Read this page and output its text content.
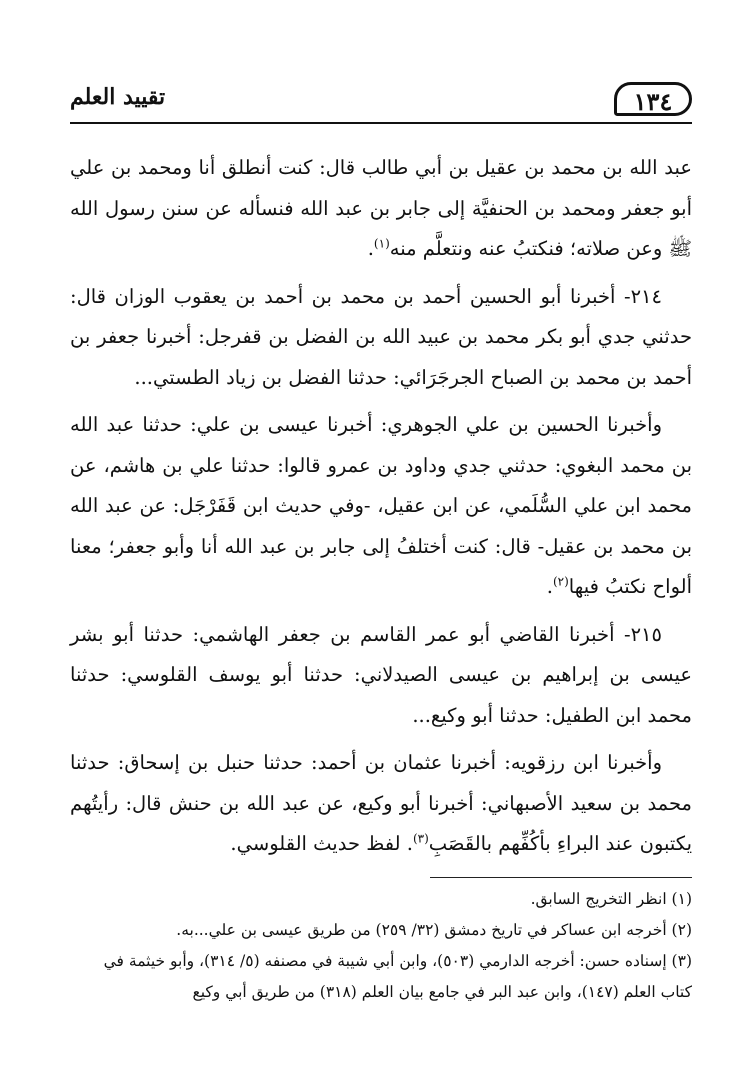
١٣٤
تقييد العلم

عبد الله بن محمد بن عقيل بن أبي طالب قال: كنت أنطلق أنا ومحمد بن علي أبو جعفر ومحمد بن الحنفيَّة إلى جابر بن عبد الله فنسأله عن سنن رسول الله ﷺ وعن صلاته؛ فنكتبُ عنه ونتعلَّم منه$^{(١)}$.

٢١٤- أخبرنا أبو الحسين أحمد بن محمد بن أحمد بن يعقوب الوزان قال: حدثني جدي أبو بكر محمد بن عبيد الله بن الفضل بن قفرجل: أخبرنا جعفر بن أحمد بن محمد بن الصباح الجرجَرَائي: حدثنا الفضل بن زياد الطستي...

وأخبرنا الحسين بن علي الجوهري: أخبرنا عيسى بن علي: حدثنا عبد الله بن محمد البغوي: حدثني جدي وداود بن عمرو قالوا: حدثنا علي بن هاشم، عن محمد ابن علي السُّلَمي، عن ابن عقيل، -وفي حديث ابن قَفَرْجَل: عن عبد الله بن محمد بن عقيل- قال: كنت أختلفُ إلى جابر بن عبد الله أنا وأبو جعفر؛ معنا ألواح نكتبُ فيها$^{(٢)}$.

٢١٥- أخبرنا القاضي أبو عمر القاسم بن جعفر الهاشمي: حدثنا أبو بشر عيسى بن إبراهيم بن عيسى الصيدلاني: حدثنا أبو يوسف القلوسي: حدثنا محمد ابن الطفيل: حدثنا أبو وكيع...

وأخبرنا ابن رزقويه: أخبرنا عثمان بن أحمد: حدثنا حنبل بن إسحاق: حدثنا محمد بن سعيد الأصبهاني: أخبرنا أبو وكيع، عن عبد الله بن حنش قال: رأيتُهم يكتبون عند البراءِ بأكُفِّهم بالقَصَبِ$^{(٣)}$. لفظ حديث القلوسي.

(١) انظر التخريج السابق.

(٢) أخرجه ابن عساكر في تاريخ دمشق (٣٢/ ٢٥٩) من طريق عيسى بن علي...به.

(٣) إسناده حسن: أخرجه الدارمي (٥٠٣)، وابن أبي شيبة في مصنفه (٥/ ٣١٤)، وأبو خيثمة في كتاب العلم (١٤٧)، وابن عبد البر في جامع بيان العلم (٣١٨) من طريق أبي وكيع
